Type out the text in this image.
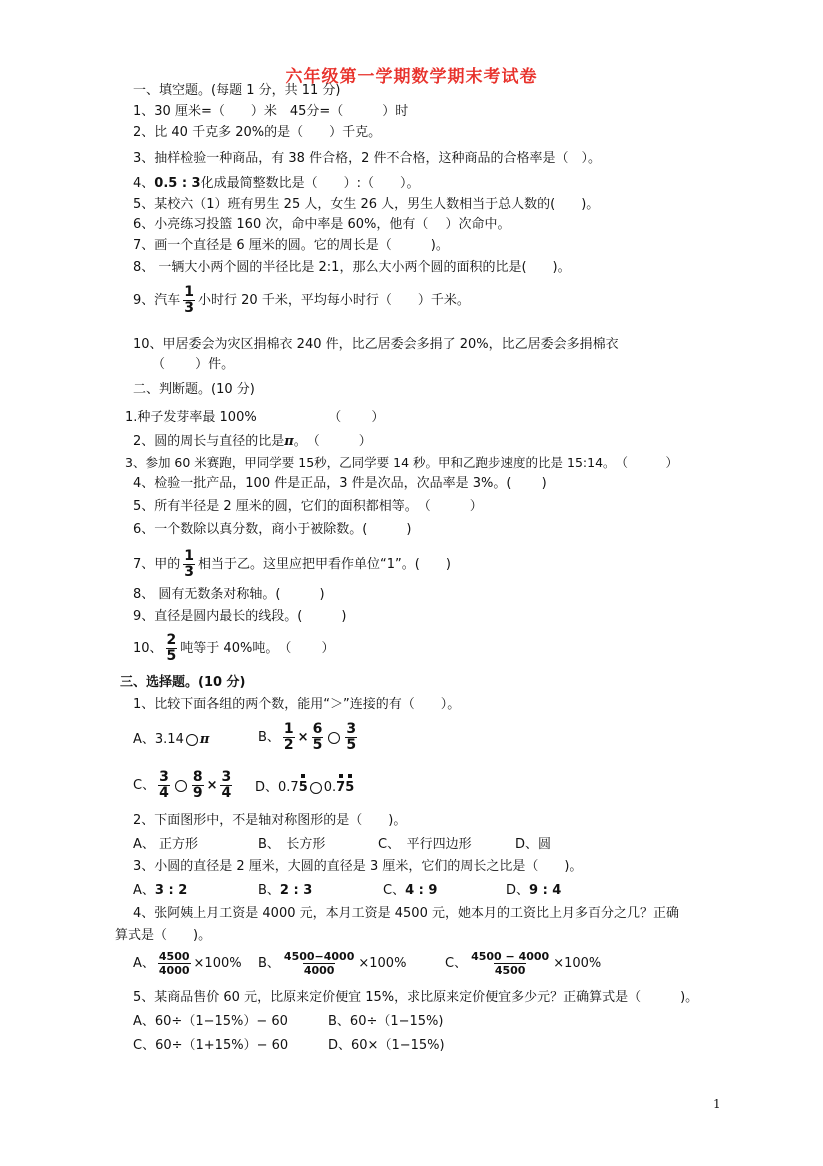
六年级第一学期数学期末考试卷
一、填空题。(每题 1 分，共 11 分)
1、30 厘米=（　　）米　45分=（　　　）时
2、比 40 千克多 20%的是（　　）千克。
3、抽样检验一种商品，有 38 件合格，2 件不合格，这种商品的合格率是（　）。
4、0.5 : 3化成最简整数比是（　　）:（　　）。
5、某校六（1）班有男生 25 人，女生 26 人，男生人数相当于总人数的(　　)。
6、小亮练习投篮 160 次，命中率是 60%，他有（　 ）次命中。
7、画一个直径是 6 厘米的圆。它的周长是（　　　)。
8、 一辆大小两个圆的半径比是 2:1，那么大小两个圆的面积的比是(　　)。
9、汽车 $\frac{1}{3}$ 小时行 20 千米，平均每小时行（　　）千米。
10、甲居委会为灾区捐棉衣 240 件，比乙居委会多捐了 20%，比乙居委会多捐棉衣
（　　 ）件。
二、判断题。(10 分)
1.种子发芽率最 100%　　　　　　（　　 ）
2、圆的周长与直径的比是π。　（　　　）
3、参加 60 米赛跑，甲同学要 15秒，乙同学要 14 秒。甲和乙跑步速度的比是 15:14。　（　　　）
4、检验一批产品，100 件是正品，3 件是次品，次品率是 3%。(　　 )
5、所有半径是 2 厘米的圆，它们的面积都相等。　（　　　）
6、一个数除以真分数，商小于被除数。(　　　)
7、甲的 $\frac{1}{3}$ 相当于乙。这里应把甲看作单位“1”。(　　)
8、 圆有无数条对称轴。(　　　)
9、直径是圆内最长的线段。(　　　)
10、 $\frac{2}{5}$ 吨等于 40%吨。　（　　 ）
三、选择题。(10 分)
1、比较下面各组的两个数，能用“＞”连接的有（　　）。
A、3.14 π	B、 $\frac{1}{2} \times \frac{6}{5} \frac{3}{5}$
C、 $\frac{3}{4} \frac{8}{9} \times \frac{3}{4}$ D、0.75 0.75
2、下面图形中，不是轴对称图形的是（　　)。
A、 正方形	B、　长方形	C、　平行四边形	D、圆
3、小圆的直径是 2 厘米，大圆的直径是 3 厘米，它们的周长之比是（　　)。
A、3 : 2	B、2 : 3	C、4 : 9	D、9 : 4
4、张阿姨上月工资是 4000 元，本月工资是 4500 元，她本月的工资比上月多百分之几？正确
算式是（　　)。
A、 $\frac{4500}{4000} \times 100\%$ B、 $\frac{4500-4000}{4000} \times 100\%$	C、 $\frac{4500 - 4000}{4500} \times 100\%$
5、某商品售价 60 元，比原来定价便宜 15%，求比原来定价便宜多少元？正确算式是（　　　)。
A、60÷（1−15%）− 60	B、60÷（1−15%)
C、60÷（1+15%）− 60	D、60×（1−15%)
1
